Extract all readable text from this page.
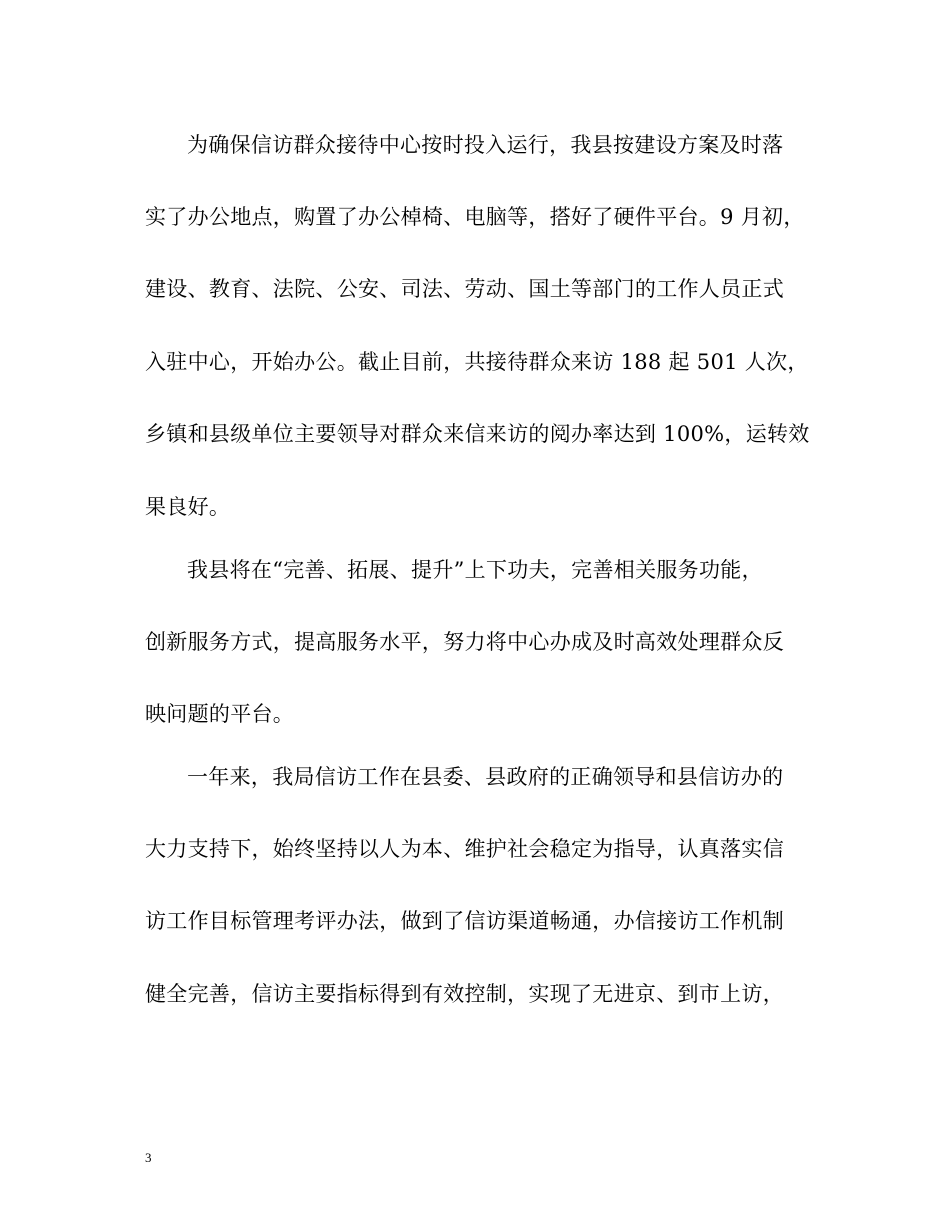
为确保信访群众接待中心按时投入运行，我县按建设方案及时落
实了办公地点，购置了办公棹椅、电脑等，搭好了硬件平台。9 月初，
建设、教育、法院、公安、司法、劳动、国土等部门的工作人员正式
入驻中心，开始办公。截止目前，共接待群众来访 188 起 501 人次，
乡镇和县级单位主要领导对群众来信来访的阅办率达到 100%，运转效
果良好。
我县将在“完善、拓展、提升”上下功夫，完善相关服务功能，
创新服务方式，提高服务水平，努力将中心办成及时高效处理群众反
映问题的平台。
一年来，我局信访工作在县委、县政府的正确领导和县信访办的
大力支持下，始终坚持以人为本、维护社会稳定为指导，认真落实信
访工作目标管理考评办法，做到了信访渠道畅通，办信接访工作机制
健全完善，信访主要指标得到有效控制，实现了无进京、到市上访，
3
